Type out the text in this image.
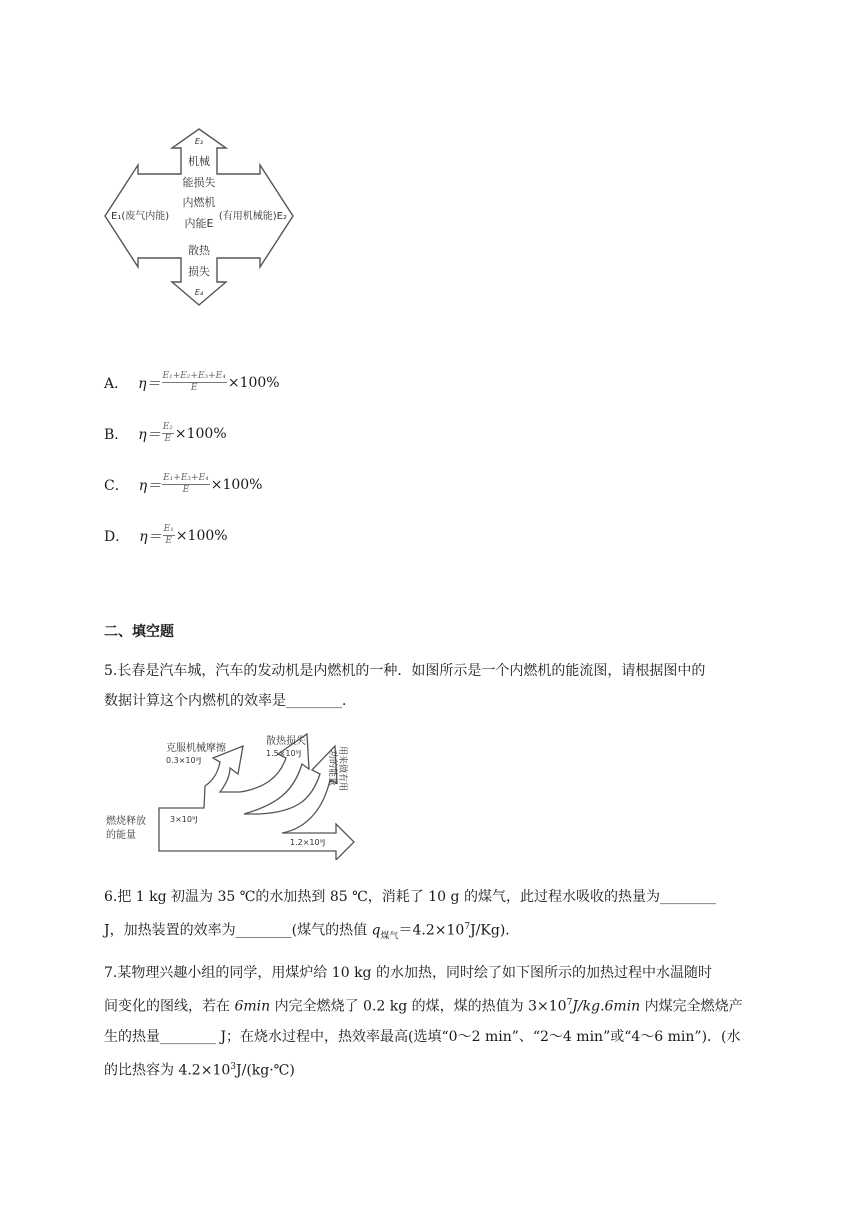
E₃
机械
能损失
内燃机
E₁(废气内能)	(有用机械能)E₂
内能E
散热
损失
E₄
A． $\eta= \frac{\text{E₁+E₂+E₃+E₄}}{E} \times 100\%$
B． $\eta= \frac{\text{E₂}}{E} \times 100\%$
C． $\eta= \frac{\text{E₁+E₃+E₄}}{E} \times 100\%$
D． $\eta= \frac{\text{E₁}}{E} \times 100\%$
二、填空题
5.长春是汽车城，汽车的发动机是内燃机的一种．如图所示是一个内燃机的能流图，请根据图中的
数据计算这个内燃机的效率是________．
克服机械摩擦
0.3×10⁹J
散热损失
1.5×10⁹J	用来做有用
功的能量
燃烧释放
的能量
3×10⁹J
1.2×10⁹J
6.把 1 kg 初温为 35 ℃的水加热到 85 ℃，消耗了 10 g 的煤气，此过程水吸收的热量为________
J，加热装置的效率为________(煤气的热值 $q_{煤气}=4.2\times 10^7J/Kg$)．
7.某物理兴趣小组的同学，用煤炉给 10 kg 的水加热，同时绘了如下图所示的加热过程中水温随时
间变化的图线，若在 6min 内完全燃烧了 0.2 kg 的煤，煤的热值为 $3\times 10^7J/kg.6\min$ 内煤完全燃烧产
生的热量________ J；在烧水过程中，热效率最高(选填“0～2 min”、“2～4 min”或“4～6 min”)．(水
的比热容为 $4.2\times 10^3J/(kg\cdot℃)$
